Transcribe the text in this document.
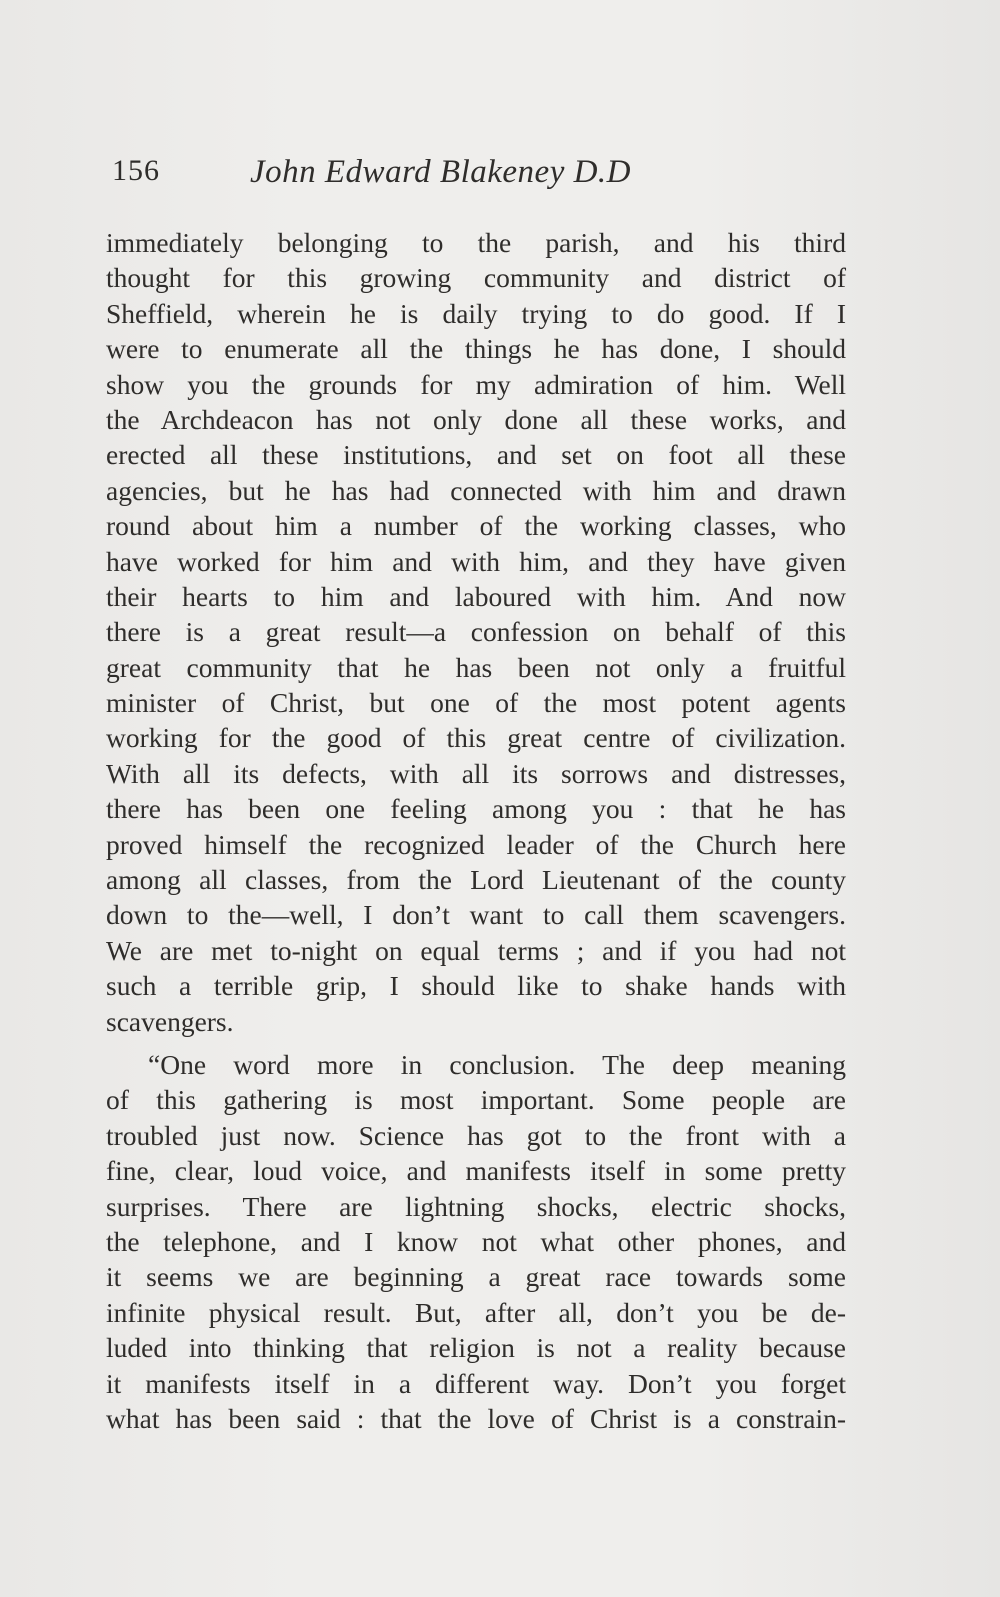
156	John Edward Blakeney D.D
immediately belonging to the parish, and his third
thought for this growing community and district of
Sheffield, wherein he is daily trying to do good. If I
were to enumerate all the things he has done, I should
show you the grounds for my admiration of him. Well
the Archdeacon has not only done all these works, and
erected all these institutions, and set on foot all these
agencies, but he has had connected with him and drawn
round about him a number of the working classes, who
have worked for him and with him, and they have given
their hearts to him and laboured with him. And now
there is a great result—a confession on behalf of this
great community that he has been not only a fruitful
minister of Christ, but one of the most potent agents
working for the good of this great centre of civilization.
With all its defects, with all its sorrows and distresses,
there has been one feeling among you : that he has
proved himself the recognized leader of the Church here
among all classes, from the Lord Lieutenant of the county
down to the—well, I don’t want to call them scavengers.
We are met to-night on equal terms ; and if you had not
such a terrible grip, I should like to shake hands with
scavengers.
“One word more in conclusion. The deep meaning
of this gathering is most important. Some people are
troubled just now. Science has got to the front with a
fine, clear, loud voice, and manifests itself in some pretty
surprises. There are lightning shocks, electric shocks,
the telephone, and I know not what other phones, and
it seems we are beginning a great race towards some
infinite physical result. But, after all, don’t you be de-
luded into thinking that religion is not a reality because
it manifests itself in a different way. Don’t you forget
what has been said : that the love of Christ is a constrain-
